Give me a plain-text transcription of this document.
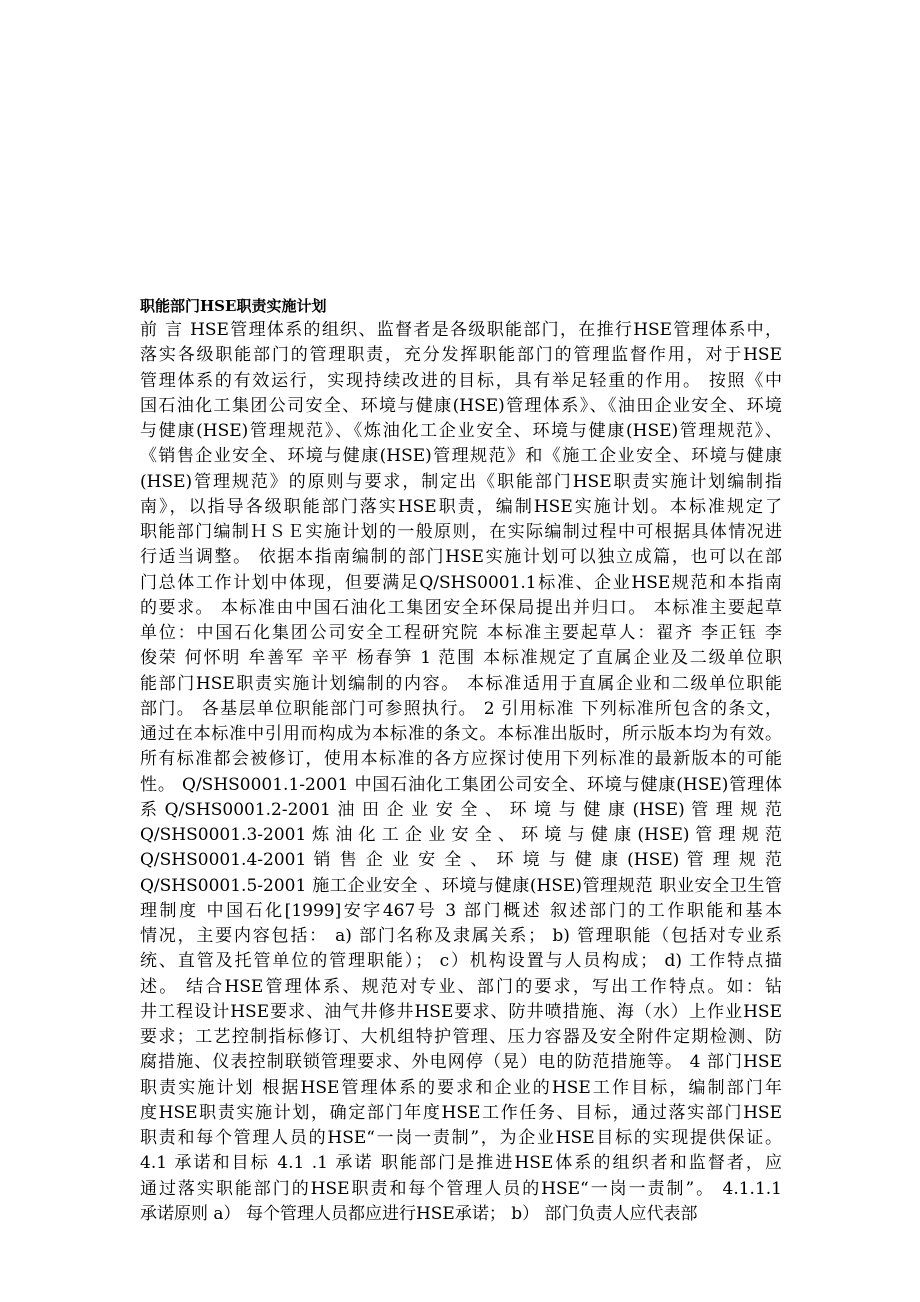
职能部门HSE职责实施计划
前 言 HSE管理体系的组织、监督者是各级职能部门，在推行HSE管理体系中，
落实各级职能部门的管理职责，充分发挥职能部门的管理监督作用，对于HSE
管理体系的有效运行，实现持续改进的目标，具有举足轻重的作用。 按照《中
国石油化工集团公司安全、环境与健康(HSE)管理体系》、《油田企业安全、环境
与健康(HSE)管理规范》、《炼油化工企业安全、环境与健康(HSE)管理规范》、
《销售企业安全、环境与健康(HSE)管理规范》和《施工企业安全、环境与健康
(HSE)管理规范》的原则与要求，制定出《职能部门HSE职责实施计划编制指
南》，以指导各级职能部门落实HSE职责，编制HSE实施计划。本标准规定了
职能部门编制ＨＳＥ实施计划的一般原则，在实际编制过程中可根据具体情况进
行适当调整。 依据本指南编制的部门HSE实施计划可以独立成篇，也可以在部
门总体工作计划中体现，但要满足Q/SHS0001.1标准、企业HSE规范和本指南
的要求。 本标准由中国石油化工集团安全环保局提出并归口。 本标准主要起草
单位：中国石化集团公司安全工程研究院 本标准主要起草人：翟齐 李正钰 李
俊荣 何怀明 牟善军 辛平 杨春笋 1 范围 本标准规定了直属企业及二级单位职
能部门HSE职责实施计划编制的内容。 本标准适用于直属企业和二级单位职能
部门。 各基层单位职能部门可参照执行。 2 引用标准 下列标准所包含的条文，
通过在本标准中引用而构成为本标准的条文。本标准出版时，所示版本均为有效。
所有标准都会被修订，使用本标准的各方应探讨使用下列标准的最新版本的可能
性。 Q/SHS0001.1-2001 中国石油化工集团公司安全、环境与健康(HSE)管理体
系 Q/SHS0001.2-2001 油 田 企 业 安 全 、 环 境 与 健 康 (HSE) 管 理 规 范
Q/SHS0001.3-2001 炼 油 化 工 企 业 安 全 、 环 境 与 健 康 (HSE) 管 理 规 范
Q/SHS0001.4-2001 销 售 企 业 安 全 、 环 境 与 健 康 (HSE) 管 理 规 范
Q/SHS0001.5-2001 施工企业安全 、环境与健康(HSE)管理规范 职业安全卫生管
理制度 中国石化[1999]安字467号 3 部门概述 叙述部门的工作职能和基本
情况，主要内容包括： a) 部门名称及隶属关系； b) 管理职能（包括对专业系
统、直管及托管单位的管理职能）； c）机构设置与人员构成； d) 工作特点描
述。 结合HSE管理体系、规范对专业、部门的要求，写出工作特点。如：钻
井工程设计HSE要求、油气井修井HSE要求、防井喷措施、海（水）上作业HSE
要求；工艺控制指标修订、大机组特护管理、压力容器及安全附件定期检测、防
腐措施、仪表控制联锁管理要求、外电网停（晃）电的防范措施等。 4 部门HSE
职责实施计划 根据HSE管理体系的要求和企业的HSE工作目标，编制部门年
度HSE职责实施计划，确定部门年度HSE工作任务、目标，通过落实部门HSE
职责和每个管理人员的HSE“一岗一责制”，为企业HSE目标的实现提供保证。
4.1 承诺和目标 4.1 .1 承诺 职能部门是推进HSE体系的组织者和监督者，应
通过落实职能部门的HSE职责和每个管理人员的HSE“一岗一责制”。 4.1.1.1
承诺原则 a） 每个管理人员都应进行HSE承诺； b） 部门负责人应代表部
